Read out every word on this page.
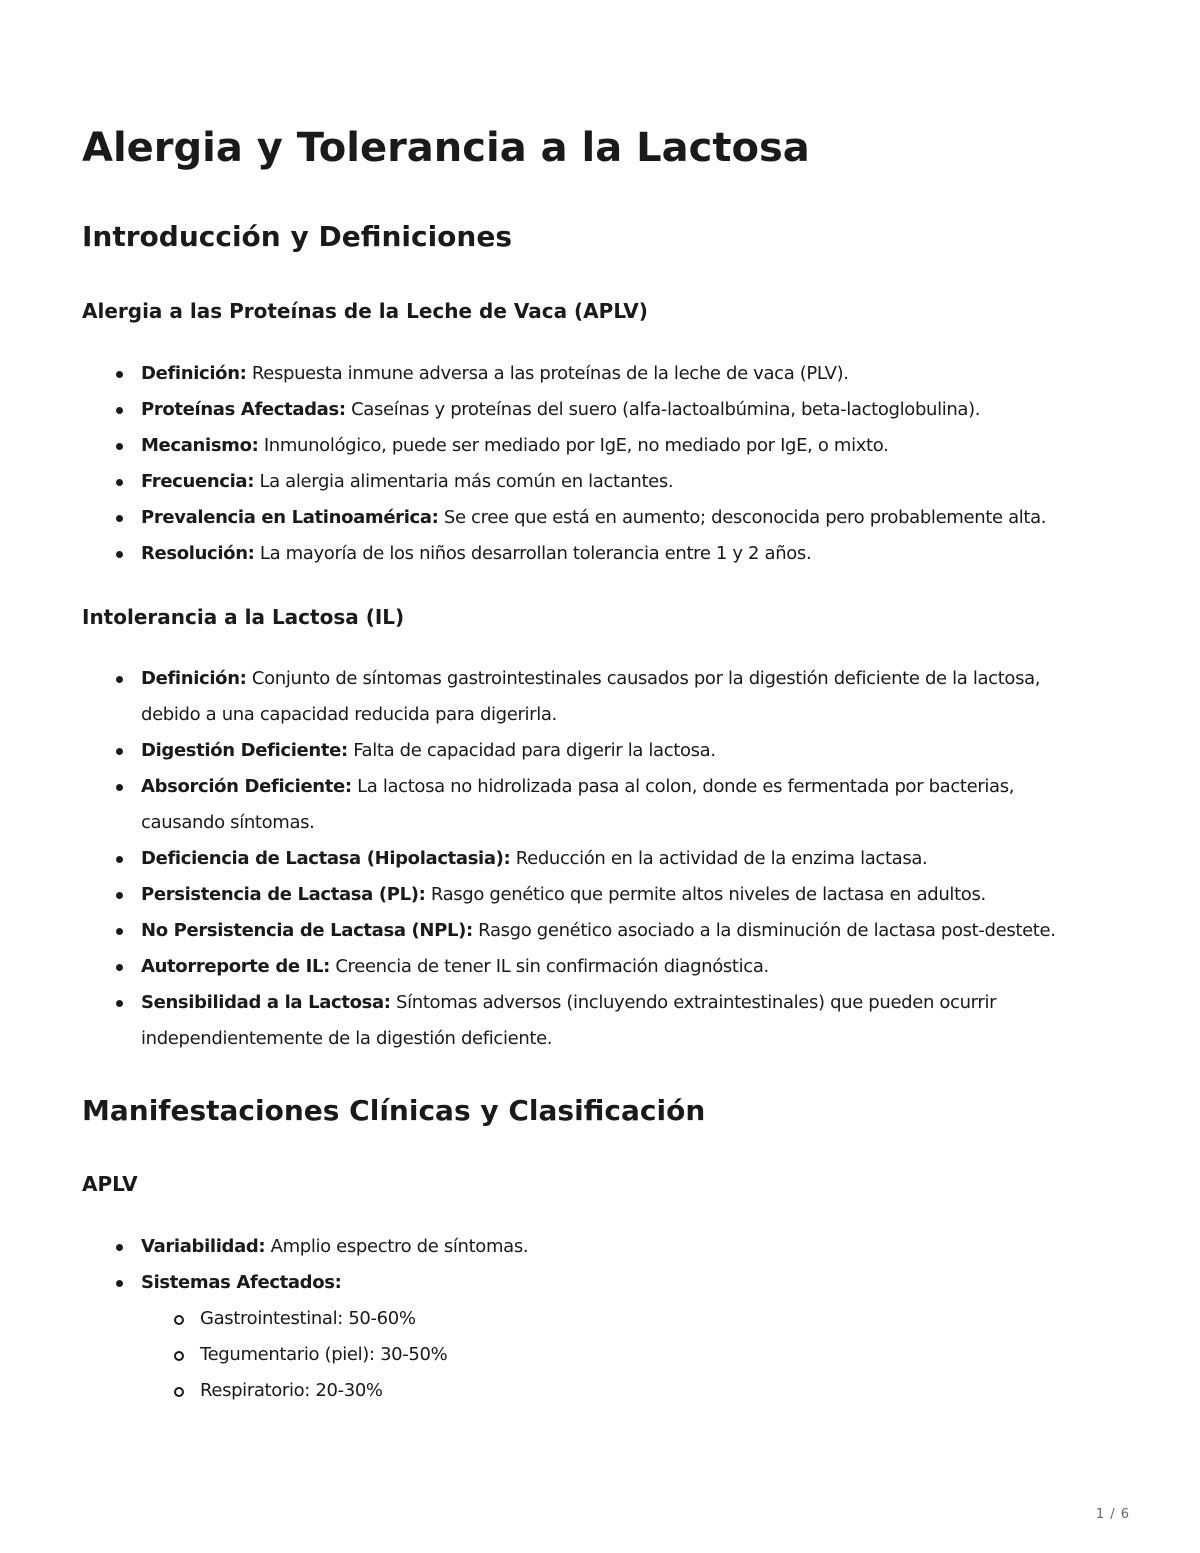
Alergia y Tolerancia a la Lactosa
Introducción y Definiciones
Alergia a las Proteínas de la Leche de Vaca (APLV)
Definición: Respuesta inmune adversa a las proteínas de la leche de vaca (PLV).
Proteínas Afectadas: Caseínas y proteínas del suero (alfa-lactoalbúmina, beta-lactoglobulina).
Mecanismo: Inmunológico, puede ser mediado por IgE, no mediado por IgE, o mixto.
Frecuencia: La alergia alimentaria más común en lactantes.
Prevalencia en Latinoamérica: Se cree que está en aumento; desconocida pero probablemente alta.
Resolución: La mayoría de los niños desarrollan tolerancia entre 1 y 2 años.
Intolerancia a la Lactosa (IL)
Definición: Conjunto de síntomas gastrointestinales causados por la digestión deficiente de la lactosa, debido a una capacidad reducida para digerirla.
Digestión Deficiente: Falta de capacidad para digerir la lactosa.
Absorción Deficiente: La lactosa no hidrolizada pasa al colon, donde es fermentada por bacterias, causando síntomas.
Deficiencia de Lactasa (Hipolactasia): Reducción en la actividad de la enzima lactasa.
Persistencia de Lactasa (PL): Rasgo genético que permite altos niveles de lactasa en adultos.
No Persistencia de Lactasa (NPL): Rasgo genético asociado a la disminución de lactasa post-destete.
Autorreporte de IL: Creencia de tener IL sin confirmación diagnóstica.
Sensibilidad a la Lactosa: Síntomas adversos (incluyendo extraintestinales) que pueden ocurrir independientemente de la digestión deficiente.
Manifestaciones Clínicas y Clasificación
APLV
Variabilidad: Amplio espectro de síntomas.
Sistemas Afectados:
Gastrointestinal: 50-60%
Tegumentario (piel): 30-50%
Respiratorio: 20-30%
1 / 6
